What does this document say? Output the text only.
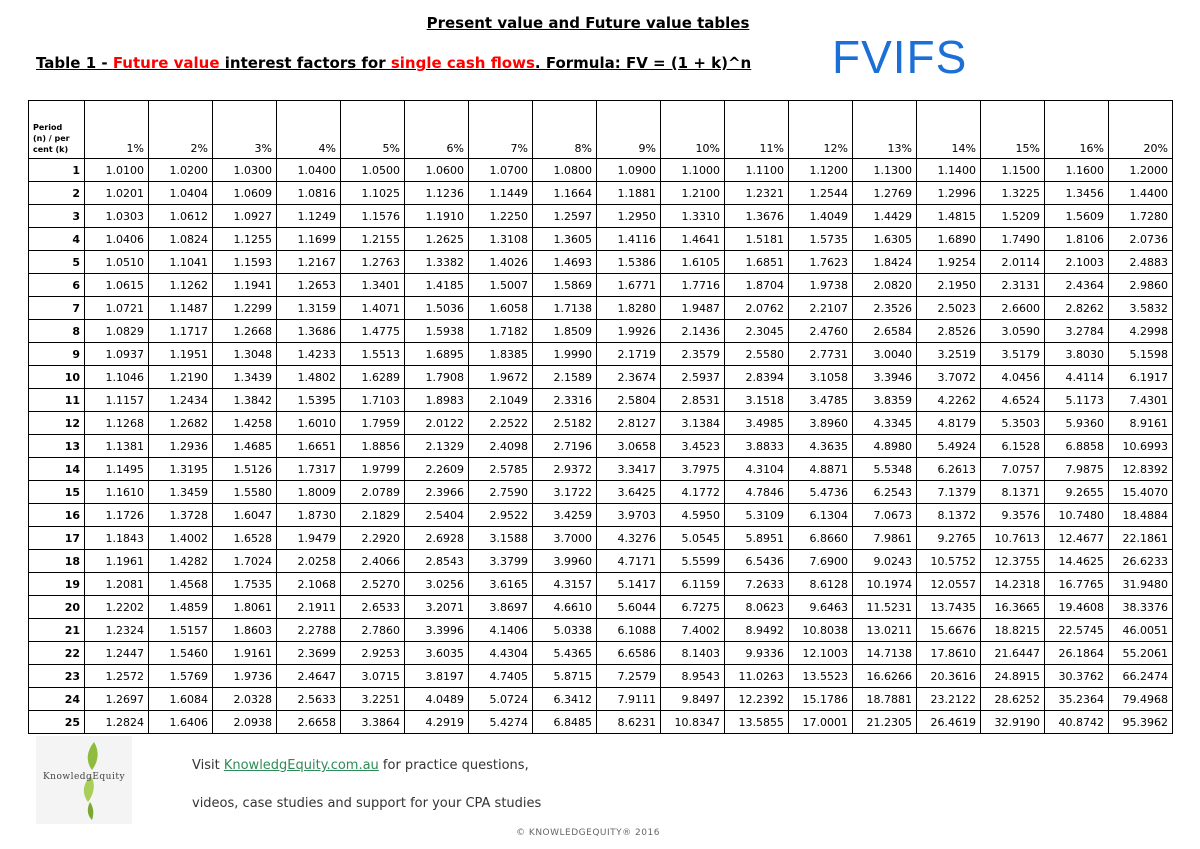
Present value and Future value tables
Table 1 - Future value interest factors for single cash flows. Formula: FV = (1 + k)^n FVIFS
Period
(n) / per
cent (k)	1%	2%	3%	4%	5%	6%	7%	8%	9%	10%	11%	12%	13%	14%	15%	16%	20%
1	1.0100	1.0200	1.0300	1.0400	1.0500	1.0600	1.0700	1.0800	1.0900	1.1000	1.1100	1.1200	1.1300	1.1400	1.1500	1.1600	1.2000
2	1.0201	1.0404	1.0609	1.0816	1.1025	1.1236	1.1449	1.1664	1.1881	1.2100	1.2321	1.2544	1.2769	1.2996	1.3225	1.3456	1.4400
3	1.0303	1.0612	1.0927	1.1249	1.1576	1.1910	1.2250	1.2597	1.2950	1.3310	1.3676	1.4049	1.4429	1.4815	1.5209	1.5609	1.7280
4	1.0406	1.0824	1.1255	1.1699	1.2155	1.2625	1.3108	1.3605	1.4116	1.4641	1.5181	1.5735	1.6305	1.6890	1.7490	1.8106	2.0736
5	1.0510	1.1041	1.1593	1.2167	1.2763	1.3382	1.4026	1.4693	1.5386	1.6105	1.6851	1.7623	1.8424	1.9254	2.0114	2.1003	2.4883
6	1.0615	1.1262	1.1941	1.2653	1.3401	1.4185	1.5007	1.5869	1.6771	1.7716	1.8704	1.9738	2.0820	2.1950	2.3131	2.4364	2.9860
7	1.0721	1.1487	1.2299	1.3159	1.4071	1.5036	1.6058	1.7138	1.8280	1.9487	2.0762	2.2107	2.3526	2.5023	2.6600	2.8262	3.5832
8	1.0829	1.1717	1.2668	1.3686	1.4775	1.5938	1.7182	1.8509	1.9926	2.1436	2.3045	2.4760	2.6584	2.8526	3.0590	3.2784	4.2998
9	1.0937	1.1951	1.3048	1.4233	1.5513	1.6895	1.8385	1.9990	2.1719	2.3579	2.5580	2.7731	3.0040	3.2519	3.5179	3.8030	5.1598
10	1.1046	1.2190	1.3439	1.4802	1.6289	1.7908	1.9672	2.1589	2.3674	2.5937	2.8394	3.1058	3.3946	3.7072	4.0456	4.4114	6.1917
11	1.1157	1.2434	1.3842	1.5395	1.7103	1.8983	2.1049	2.3316	2.5804	2.8531	3.1518	3.4785	3.8359	4.2262	4.6524	5.1173	7.4301
12	1.1268	1.2682	1.4258	1.6010	1.7959	2.0122	2.2522	2.5182	2.8127	3.1384	3.4985	3.8960	4.3345	4.8179	5.3503	5.9360	8.9161
13	1.1381	1.2936	1.4685	1.6651	1.8856	2.1329	2.4098	2.7196	3.0658	3.4523	3.8833	4.3635	4.8980	5.4924	6.1528	6.8858	10.6993
14	1.1495	1.3195	1.5126	1.7317	1.9799	2.2609	2.5785	2.9372	3.3417	3.7975	4.3104	4.8871	5.5348	6.2613	7.0757	7.9875	12.8392
15	1.1610	1.3459	1.5580	1.8009	2.0789	2.3966	2.7590	3.1722	3.6425	4.1772	4.7846	5.4736	6.2543	7.1379	8.1371	9.2655	15.4070
16	1.1726	1.3728	1.6047	1.8730	2.1829	2.5404	2.9522	3.4259	3.9703	4.5950	5.3109	6.1304	7.0673	8.1372	9.3576	10.7480	18.4884
17	1.1843	1.4002	1.6528	1.9479	2.2920	2.6928	3.1588	3.7000	4.3276	5.0545	5.8951	6.8660	7.9861	9.2765	10.7613	12.4677	22.1861
18	1.1961	1.4282	1.7024	2.0258	2.4066	2.8543	3.3799	3.9960	4.7171	5.5599	6.5436	7.6900	9.0243	10.5752	12.3755	14.4625	26.6233
19	1.2081	1.4568	1.7535	2.1068	2.5270	3.0256	3.6165	4.3157	5.1417	6.1159	7.2633	8.6128	10.1974	12.0557	14.2318	16.7765	31.9480
20	1.2202	1.4859	1.8061	2.1911	2.6533	3.2071	3.8697	4.6610	5.6044	6.7275	8.0623	9.6463	11.5231	13.7435	16.3665	19.4608	38.3376
21	1.2324	1.5157	1.8603	2.2788	2.7860	3.3996	4.1406	5.0338	6.1088	7.4002	8.9492	10.8038	13.0211	15.6676	18.8215	22.5745	46.0051
22	1.2447	1.5460	1.9161	2.3699	2.9253	3.6035	4.4304	5.4365	6.6586	8.1403	9.9336	12.1003	14.7138	17.8610	21.6447	26.1864	55.2061
23	1.2572	1.5769	1.9736	2.4647	3.0715	3.8197	4.7405	5.8715	7.2579	8.9543	11.0263	13.5523	16.6266	20.3616	24.8915	30.3762	66.2474
24	1.2697	1.6084	2.0328	2.5633	3.2251	4.0489	5.0724	6.3412	7.9111	9.8497	12.2392	15.1786	18.7881	23.2122	28.6252	35.2364	79.4968
25	1.2824	1.6406	2.0938	2.6658	3.3864	4.2919	5.4274	6.8485	8.6231	10.8347	13.5855	17.0001	21.2305	26.4619	32.9190	40.8742	95.3962
KnowledgEquity
Visit KnowledgEquity.com.au for practice questions,
videos, case studies and support for your CPA studies
© KNOWLEDGEQUITY® 2016
